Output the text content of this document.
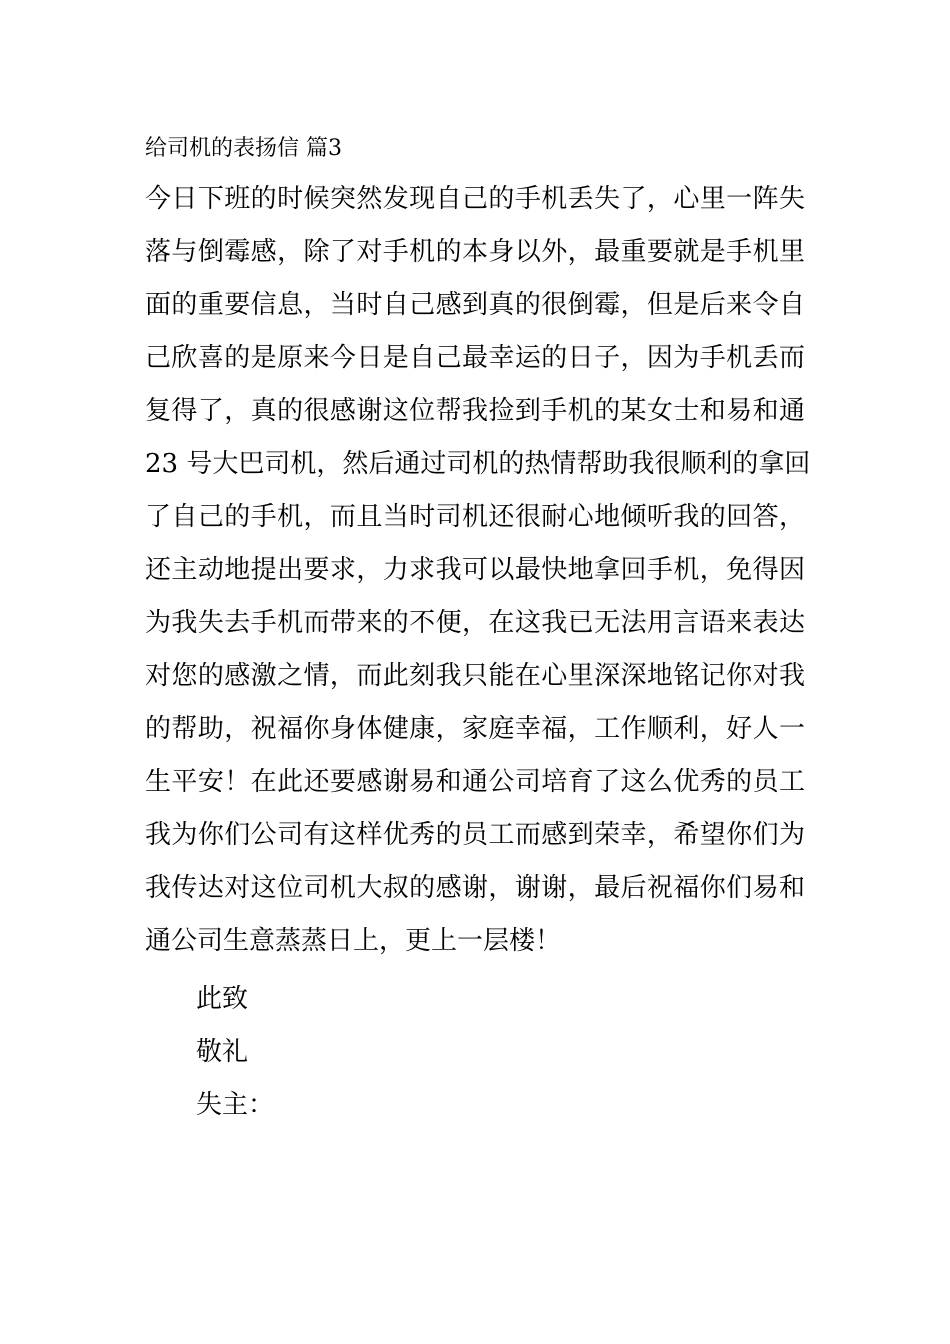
给司机的表扬信 篇3
今日下班的时候突然发现自己的手机丢失了，心里一阵失
落与倒霉感，除了对手机的本身以外，最重要就是手机里
面的重要信息，当时自己感到真的很倒霉，但是后来令自
己欣喜的是原来今日是自己最幸运的日子，因为手机丢而
复得了，真的很感谢这位帮我捡到手机的某女士和易和通
23 号大巴司机，然后通过司机的热情帮助我很顺利的拿回
了自己的手机，而且当时司机还很耐心地倾听我的回答，
还主动地提出要求，力求我可以最快地拿回手机，免得因
为我失去手机而带来的不便，在这我已无法用言语来表达
对您的感激之情，而此刻我只能在心里深深地铭记你对我
的帮助，祝福你身体健康，家庭幸福，工作顺利，好人一
生平安！在此还要感谢易和通公司培育了这么优秀的员工
我为你们公司有这样优秀的员工而感到荣幸，希望你们为
我传达对这位司机大叔的感谢，谢谢，最后祝福你们易和
通公司生意蒸蒸日上，更上一层楼！
此致
敬礼
失主：
